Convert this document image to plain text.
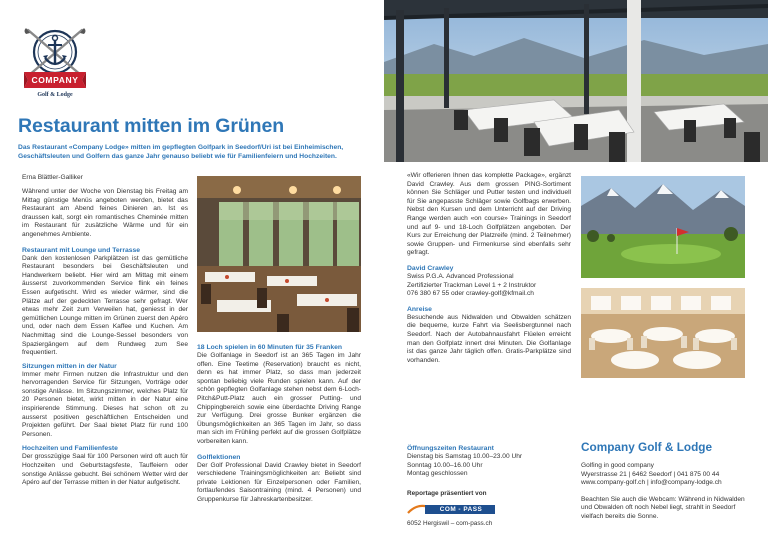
COMPANY
Golf & Lodge
Restaurant mitten im Grünen
Das Restaurant «Company Lodge» mitten im gepflegten Golfpark in Seedorf/Uri ist bei Einheimischen, Geschäftsleuten und Golfern das ganze Jahr genauso beliebt wie für Familienfeiern und Hochzeiten.
Erna Blättler-Galliker
Während unter der Woche von Dienstag bis Freitag am Mittag günstige Menüs angeboten werden, bietet das Restaurant am Abend feines Dinieren an. Ist es draussen kalt, sorgt ein romantisches Cheminée mitten im Restaurant für zusätzliche Wärme und für ein angenehmes Ambiente.
Restaurant mit Lounge und Terrasse
Dank den kostenlosen Parkplätzen ist das gemütliche Restaurant besonders bei Geschäftsleuten und Handwerkern beliebt. Hier wird am Mittag mit einem äusserst zuvorkommenden Service flink ein feines Essen aufgetischt. Wird es wieder wärmer, sind die Plätze auf der gedeckten Terrasse sehr gefragt. Wer etwas mehr Zeit zum Verweilen hat, geniesst in der gemütlichen Lounge mitten im Grünen zuerst den Apéro und, oder nach dem Essen Kaffee und Kuchen. Am Nachmittag sind die Lounge-Sessel besonders von Spaziergängern auf dem Rundweg zum See frequentiert.
Sitzungen mitten in der Natur
Immer mehr Firmen nutzen die Infrastruktur und den hervorragenden Service für Sitzungen, Vorträge oder sonstige Anlässe. Im Sitzungszimmer, welches Platz für 20 Personen bietet, wirkt mitten in der Natur eine inspirierende Stimmung. Dieses hat schon oft zu ausserst positiven geschäftlichen Entscheiden und Projekten geführt. Der Saal bietet Platz für rund 100 Personen.
Hochzeiten und Familienfeste
Der grosszügige Saal für 100 Personen wird oft auch für Hochzeiten und Geburtstagsfeste, Tauffeiern oder sonstige Anlässe gebucht. Bei schönem Wetter wird der Apéro auf der Terrasse mitten in der Natur aufgetischt.
18 Loch spielen in 60 Minuten für 35 Franken
Die Golfanlage in Seedorf ist an 365 Tagen im Jahr offen. Eine Teetime (Reservation) braucht es nicht, denn es hat immer Platz, so dass man jederzeit spontan beliebig viele Runden spielen kann. Auf der schön gepflegten Golfanlage stehen nebst dem 6-Loch-Pitch&Putt-Platz auch ein grosser Putting- und Chippingbereich sowie eine überdachte Driving Range zur Verfügung. Drei grosse Bunker ergänzen die Übungsmöglichkeiten an 365 Tagen im Jahr, so dass man sich im Frühling perfekt auf die grossen Golfplätze vorbereiten kann.
Golflektionen
Der Golf Professional David Crawley bietet in Seedorf verschiedene Trainingsmöglichkeiten an: Beliebt sind private Lektionen für Einzelpersonen oder Familien, fortlaufendes Saisontraining (mind. 4 Personen) und Gruppenkurse für Jahreskartenbesitzer.
«Wir offerieren Ihnen das komplette Package», ergänzt David Crawley. Aus dem grossen PING-Sortiment können Sie Schläger und Putter testen und individuell für Sie angepasste Schläger sowie Golfbags erwerben. Nebst den Kursen und dem Unterricht auf der Driving Range werden auch «on course» Trainings in Seedorf und auf 9- und 18-Loch Golfplätzen angeboten. Der Kurs zur Erreichung der Platzreife (mind. 2 Teilnehmer) sowie Gruppen- und Firmenkurse sind ebenfalls sehr gefragt.
David Crawley
Swiss P.G.A. Advanced Professional
Zertifizierter Trackman Level 1 + 2 Instruktor
076 380 67 55 oder crawley-golf@kfmail.ch
Anreise
Besuchende aus Nidwalden und Obwalden schätzen die bequeme, kurze Fahrt via Seelisbergtunnel nach Seedorf. Nach der Autobahnausfahrt Flüelen erreicht man den Golfplatz innert drei Minuten. Die Golfanlage ist das ganze Jahr täglich offen. Gratis-Parkplätze sind vorhanden.
Öffnungszeiten Restaurant
Dienstag bis Samstag 10.00–23.00 Uhr
Sonntag 10.00–16.00 Uhr
Montag geschlossen
Reportage präsentiert von
COM - PASS
6052 Hergiswil – com-pass.ch
Company Golf & Lodge
Golfing in good company
Wyerstrasse 21 | 6462 Seedorf | 041 875 00 44
www.company-golf.ch | info@company-lodge.ch
Beachten Sie auch die Webcam: Während in Nidwalden und Obwalden oft noch Nebel liegt, strahlt in Seedorf vielfach bereits die Sonne.
